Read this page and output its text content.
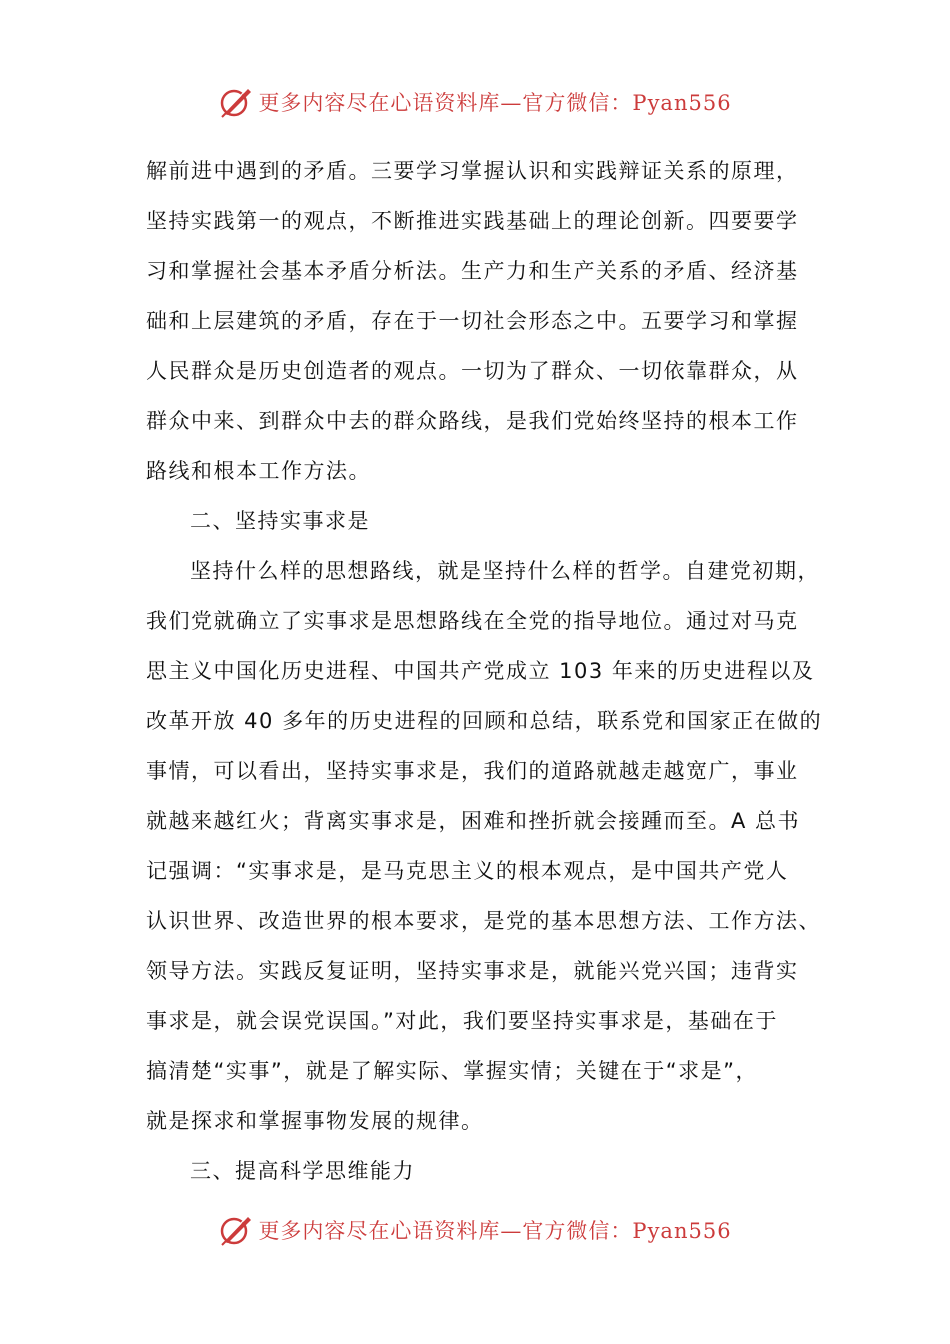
更多内容尽在心语资料库—官方微信：Pyan556
解前进中遇到的矛盾。三要学习掌握认识和实践辩证关系的原理，
坚持实践第一的观点，不断推进实践基础上的理论创新。四要要学
习和掌握社会基本矛盾分析法。生产力和生产关系的矛盾、经济基
础和上层建筑的矛盾，存在于一切社会形态之中。五要学习和掌握
人民群众是历史创造者的观点。一切为了群众、一切依靠群众，从
群众中来、到群众中去的群众路线，是我们党始终坚持的根本工作
路线和根本工作方法。
二、坚持实事求是
坚持什么样的思想路线，就是坚持什么样的哲学。自建党初期，
我们党就确立了实事求是思想路线在全党的指导地位。通过对马克
思主义中国化历史进程、中国共产党成立 103 年来的历史进程以及
改革开放 40 多年的历史进程的回顾和总结，联系党和国家正在做的
事情，可以看出，坚持实事求是，我们的道路就越走越宽广，事业
就越来越红火；背离实事求是，困难和挫折就会接踵而至。A 总书
记强调：“实事求是，是马克思主义的根本观点，是中国共产党人
认识世界、改造世界的根本要求，是党的基本思想方法、工作方法、
领导方法。实践反复证明，坚持实事求是，就能兴党兴国；违背实
事求是，就会误党误国。”对此，我们要坚持实事求是，基础在于
搞清楚“实事”，就是了解实际、掌握实情；关键在于“求是”，
就是探求和掌握事物发展的规律。
三、提高科学思维能力
更多内容尽在心语资料库—官方微信：Pyan556
